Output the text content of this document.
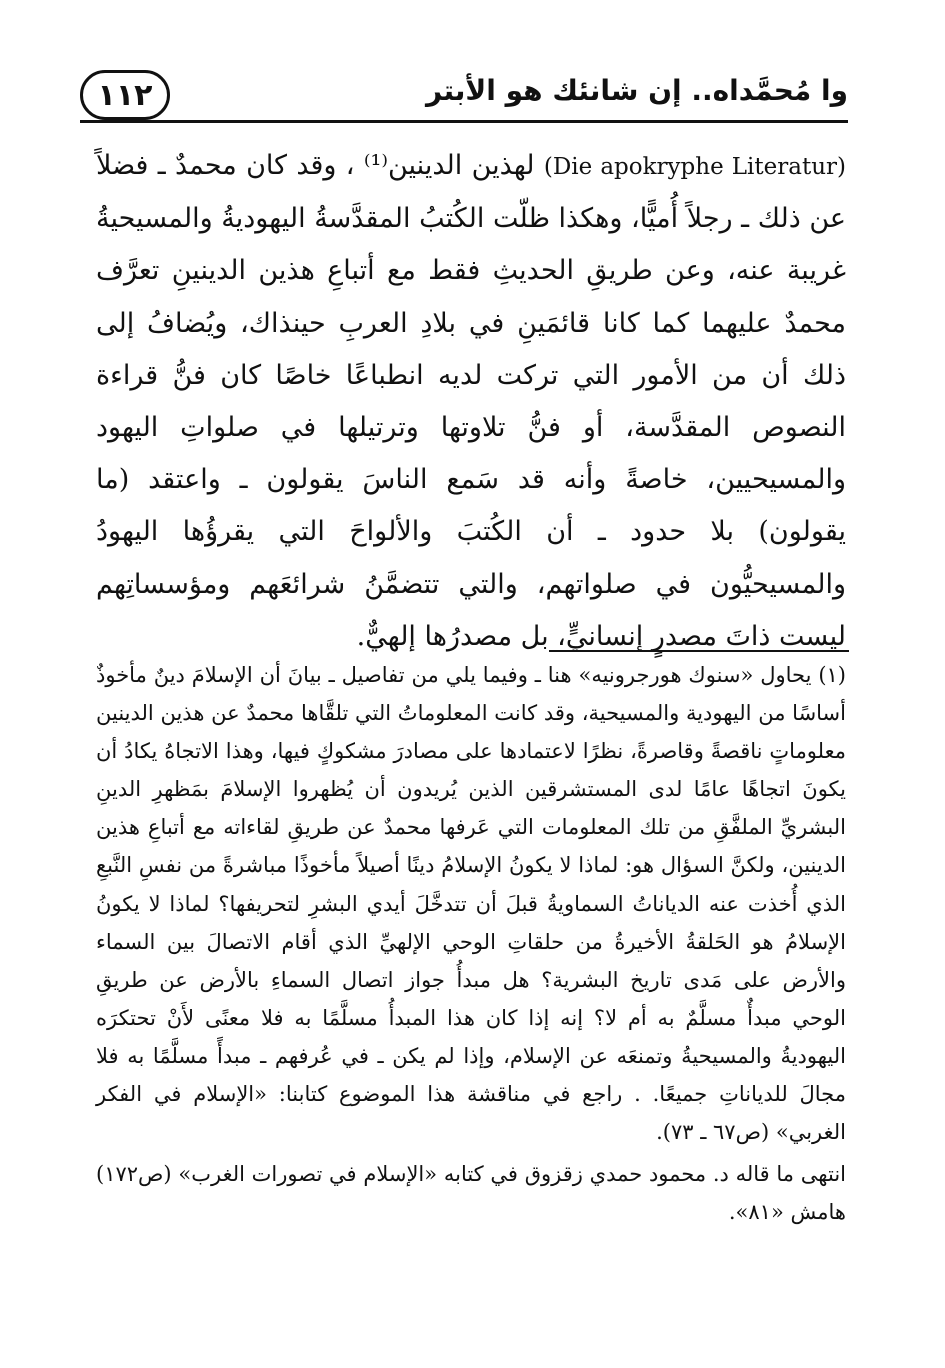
١١٢	وا مُحمَّداه.. إن شانئك هو الأبتر

(Die apokryphe Literatur) لهذين الدينين⁽¹⁾ ، وقد كان محمدٌ ـ فضلاً عن ذلك ـ رجلاً أُميًّا، وهكذا ظلّت الكُتبُ المقدَّسةُ اليهوديةُ والمسيحيةُ غريبة عنه، وعن طريقِ الحديثِ فقط مع أتباعِ هذين الدينينِ تعرَّف محمدٌ عليهما كما كانا قائمَينِ في بلادِ العربِ حينذاك، ويُضافُ إلى ذلك أن من الأمور التي تركت لديه انطباعًا خاصًا كان فنُّ قراءة النصوص المقدَّسة، أو فنُّ تلاوتها وترتيلها في صلواتِ اليهود والمسيحيين، خاصةً وأنه قد سَمع الناسَ يقولون ـ واعتقد (ما يقولون) بلا حدود ـ أن الكُتبَ والألواحَ التي يقرؤُها اليهودُ والمسيحيُّون في صلواتهم، والتي تتضمَّنُ شرائعَهم ومؤسساتِهم ليست ذاتَ مصدرٍ إنسانيٍّ، بل مصدرُها إلهيٌّ.

(١) يحاول «سنوك هورجرونيه» هنا ـ وفيما يلي من تفاصيل ـ بيانَ أن الإسلامَ دينٌ مأخوذٌ أساسًا من اليهودية والمسيحية، وقد كانت المعلوماتُ التي تلقَّاها محمدٌ عن هذين الدينين معلوماتٍ ناقصةً وقاصرةً، نظرًا لاعتمادها على مصادرَ مشكوكٍ فيها، وهذا الاتجاهُ يكادُ أن يكونَ اتجاهًا عامًا لدى المستشرقين الذين يُريدون أن يُظهروا الإسلامَ بمَظهرِ الدينِ البشريِّ الملفَّقِ من تلك المعلومات التي عَرفها محمدٌ عن طريقِ لقاءاته مع أتباعِ هذين الدينين، ولكنَّ السؤال هو: لماذا لا يكونُ الإسلامُ دينًا أصيلاً مأخوذًا مباشرةً من نفسِ النَّبعِ الذي أُخذت عنه الدياناتُ السماويةُ قبلَ أن تتدخَّلَ أيدي البشرِ لتحريفها؟ لماذا لا يكونُ الإسلامُ هو الحَلقةُ الأخيرةُ من حلقاتِ الوحي الإلهيِّ الذي أقام الاتصالَ بين السماء والأرض على مَدى تاريخ البشرية؟ هل مبدأُ جواز اتصال السماءِ بالأرض عن طريقِ الوحي مبدأٌ مسلَّمٌ به أم لا؟ إنه إذا كان هذا المبدأُ مسلَّمًا به فلا معنًى لأَنْ تحتكرَه اليهوديةُ والمسيحيةُ وتمنعَه عن الإسلام، وإذا لم يكن ـ في عُرفهم ـ مبدأً مسلَّمًا به فلا مجالَ للدياناتِ جميعًا. . راجع في مناقشة هذا الموضوع كتابنا: «الإسلام في الفكر الغربي» (ص٦٧ ـ ٧٣).

انتهى ما قاله د. محمود حمدي زقزوق في كتابه «الإسلام في تصورات الغرب» (ص١٧٢) هامش «٨١».
